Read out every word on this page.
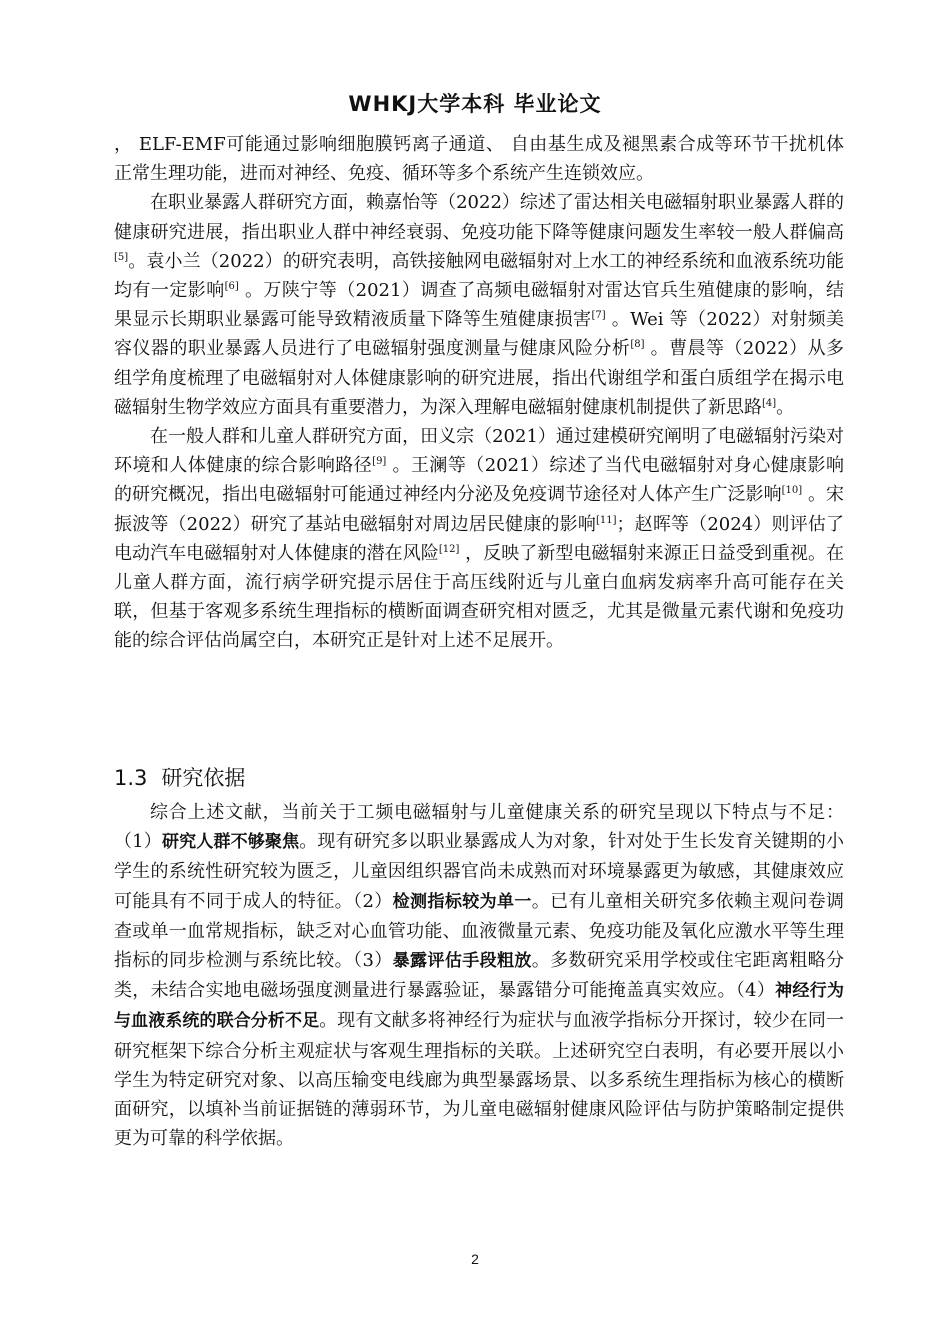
WHKJ大学本科 毕业论文

， ELF-EMF可能通过影响细胞膜钙离子通道、 自由基生成及褪黑素合成等环节干扰机体 正常生理功能，进而对神经、免疫、循环等多个系统产生连锁效应。

在职业暴露人群研究方面，赖嘉怡等（2022）综述了雷达相关电磁辐射职业暴露人群的健康研究进展，指出职业人群中神经衰弱、免疫功能下降等健康问题发生率较一般人群偏高[5]。袁小兰（2022）的研究表明，高铁接触网电磁辐射对上水工的神经系统和血液系统功能均有一定影响[6] 。万陕宁等（2021）调查了高频电磁辐射对雷达官兵生殖健康的影响，结果显示长期职业暴露可能导致精液质量下降等生殖健康损害[7] 。Wei 等（2022）对射频美容仪器的职业暴露人员进行了电磁辐射强度测量与健康风险分析[8] 。曹晨等（2022）从多组学角度梳理了电磁辐射对人体健康影响的研究进展，指出代谢组学和蛋白质组学在揭示电磁辐射生物学效应方面具有重要潜力，为深入理解电磁辐射健康机制提供了新思路[4]。

在一般人群和儿童人群研究方面，田义宗（2021）通过建模研究阐明了电磁辐射污染对环境和人体健康的综合影响路径[9] 。王澜等（2021）综述了当代电磁辐射对身心健康影响的研究概况，指出电磁辐射可能通过神经内分泌及免疫调节途径对人体产生广泛影响[10] 。宋振波等（2022）研究了基站电磁辐射对周边居民健康的影响[11]；赵晖等（2024）则评估了电动汽车电磁辐射对人体健康的潜在风险[12] ，反映了新型电磁辐射来源正日益受到重视。在儿童人群方面，流行病学研究提示居住于高压线附近与儿童白血病发病率升高可能存在关联，但基于客观多系统生理指标的横断面调查研究相对匮乏，尤其是微量元素代谢和免疫功能的综合评估尚属空白，本研究正是针对上述不足展开。

1.3 研究依据

综合上述文献，当前关于工频电磁辐射与儿童健康关系的研究呈现以下特点与不足：（1）研究人群不够聚焦。现有研究多以职业暴露成人为对象，针对处于生长发育关键期的小学生的系统性研究较为匮乏，儿童因组织器官尚未成熟而对环境暴露更为敏感，其健康效应可能具有不同于成人的特征。（2）检测指标较为单一。已有儿童相关研究多依赖主观问卷调查或单一血常规指标，缺乏对心血管功能、血液微量元素、免疫功能及氧化应激水平等生理指标的同步检测与系统比较。（3）暴露评估手段粗放。多数研究采用学校或住宅距离粗略分类，未结合实地电磁场强度测量进行暴露验证，暴露错分可能掩盖真实效应。（4）神经行为与血液系统的联合分析不足。现有文献多将神经行为症状与血液学指标分开探讨，较少在同一研究框架下综合分析主观症状与客观生理指标的关联。上述研究空白表明，有必要开展以小学生为特定研究对象、以高压输变电线廊为典型暴露场景、以多系统生理指标为核心的横断面研究，以填补当前证据链的薄弱环节，为儿童电磁辐射健康风险评估与防护策略制定提供更为可靠的科学依据。

2
